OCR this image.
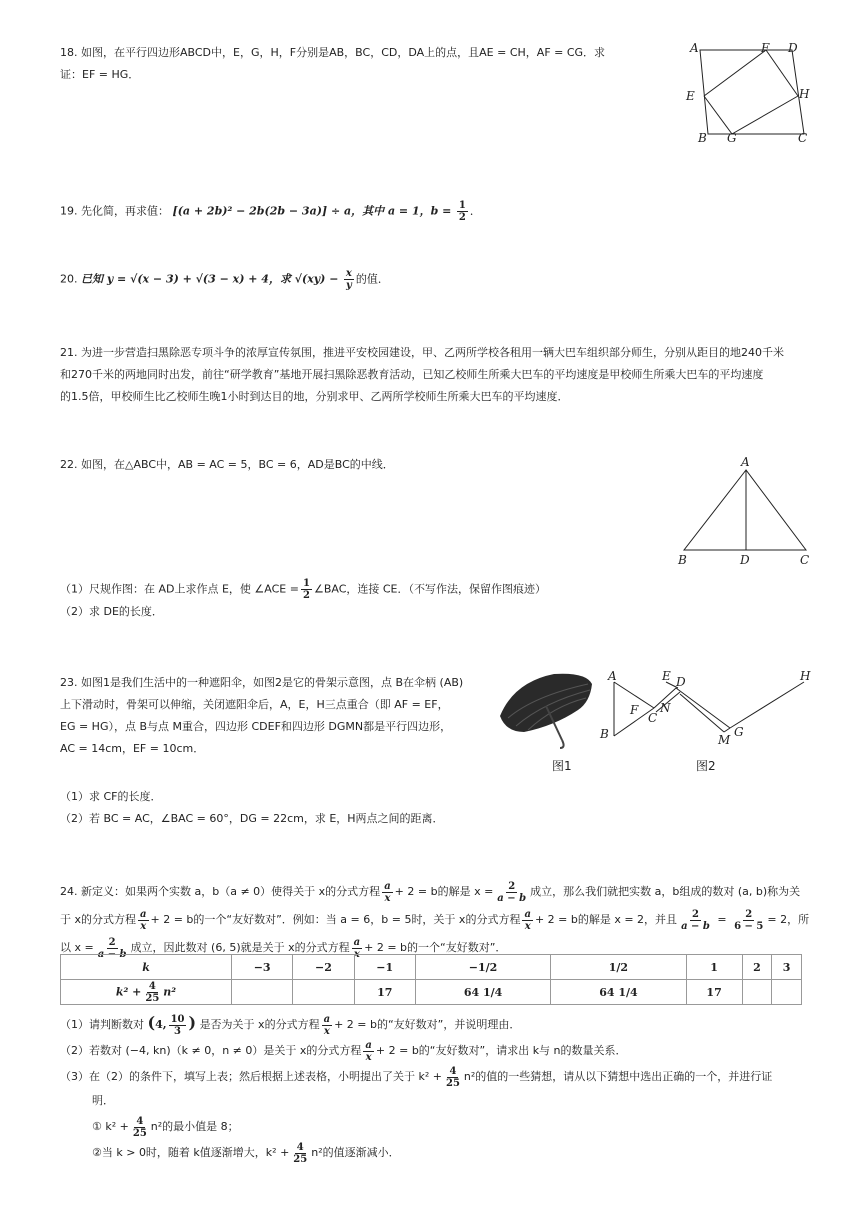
18. 如图，在平行四边形ABCD中，E，G，H，F分别是AB，BC，CD，DA上的点，且AE = CH，AF = CG．求
证：EF = HG．
A	F D
E	H
B G	C
19. 先化简，再求值： [(a + 2b)² − 2b(2b − 3a)] ÷ a，其中 a = 1，$b = \frac{1}{2}$ ．
20. 已知 y = √(x − 3) + √(3 − x) + 4，求 $√(xy) - \frac{x}{y}$ 的值．
21. 为进一步营造扫黑除恶专项斗争的浓厚宣传氛围，推进平安校园建设，甲、乙两所学校各租用一辆大巴车组织部分师生，分别从距目的地240千米
和270千米的两地同时出发，前往“研学教育”基地开展扫黑除恶教育活动，已知乙校师生所乘大巴车的平均速度是甲校师生所乘大巴车的平均速度
的1.5倍，甲校师生比乙校师生晚1小时到达目的地，分别求甲、乙两所学校师生所乘大巴车的平均速度．
22. 如图，在△ABC中，AB = AC = 5，BC = 6，AD是BC的中线．	A
B	D	C
（1）尺规作图：在 AD上求作点 E，使 ∠ACE = $\frac{1}{2}$ ∠BAC，连接 CE．（不写作法，保留作图痕迹）
（2）求 DE的长度．
23. 如图1是我们生活中的一种遮阳伞，如图2是它的骨架示意图，点 B在伞柄 (AB)
上下滑动时，骨架可以伸缩，关闭遮阳伞后，A，E，H三点重合（即 AF = EF，
EG = HG），点 B与点 M重合，四边形 CDEF和四边形 DGMN都是平行四边形，
AC = 14cm，EF = 10cm．
图1
A
B
F
C
N
E D
M
G
H
图2
（1）求 CF的长度．
（2）若 BC = AC，∠BAC = 60°，DG = 22cm，求 E，H两点之间的距离．
24. 新定义：如果两个实数 a，b（a ≠ 0）使得关于 x的分式方程 $\frac{a}{x} + 2 = b$的解是 $x = \frac{2}{a - b}$ 成立，那么我们就把实数 a，b组成的数对 (a, b)称为关
于 x的分式方程 $\frac{a}{x} + 2 = b$的一个“友好数对”．例如：当 a = 6，b = 5时，关于 x的分式方程 $\frac{a}{x} + 2 = b$的解是 x = 2，并且 $\frac{2}{a - b} = \frac{2}{6 - 5} = 2$，所
以 $x = \frac{2}{a - b}$ 成立，因此数对 (6, 5)就是关于 x的分式方程 $\frac{a}{x} + 2 = b$的一个“友好数对”．
k	−3	−2	−1	−1/2	1/2	1	2	3
$k^2 + \frac{4}{25} n^2$			17	64 1/4	64 1/4	17		
（1）请判断数对 (4, $\frac{10}{3}$ ) 是否为关于 x的分式方程 $\frac{a}{x} + 2 = b$的“友好数对”，并说明理由．
（2）若数对 (−4, kn)（k ≠ 0，n ≠ 0）是关于 x的分式方程 $\frac{a}{x} + 2 = b$的“友好数对”，请求出 k与 n的数量关系．
（3）在（2）的条件下，填写上表；然后根据上述表格，小明提出了关于 $k^2 + \frac{4}{25} n^2$的值的一些猜想，请从以下猜想中选出正确的一个，并进行证
明．
① $k^2 + \frac{4}{25} n^2$的最小值是 8；
②当 k > 0时，随着 k值逐渐增大，$k^2 + \frac{4}{25} n^2$的值逐渐减小．
